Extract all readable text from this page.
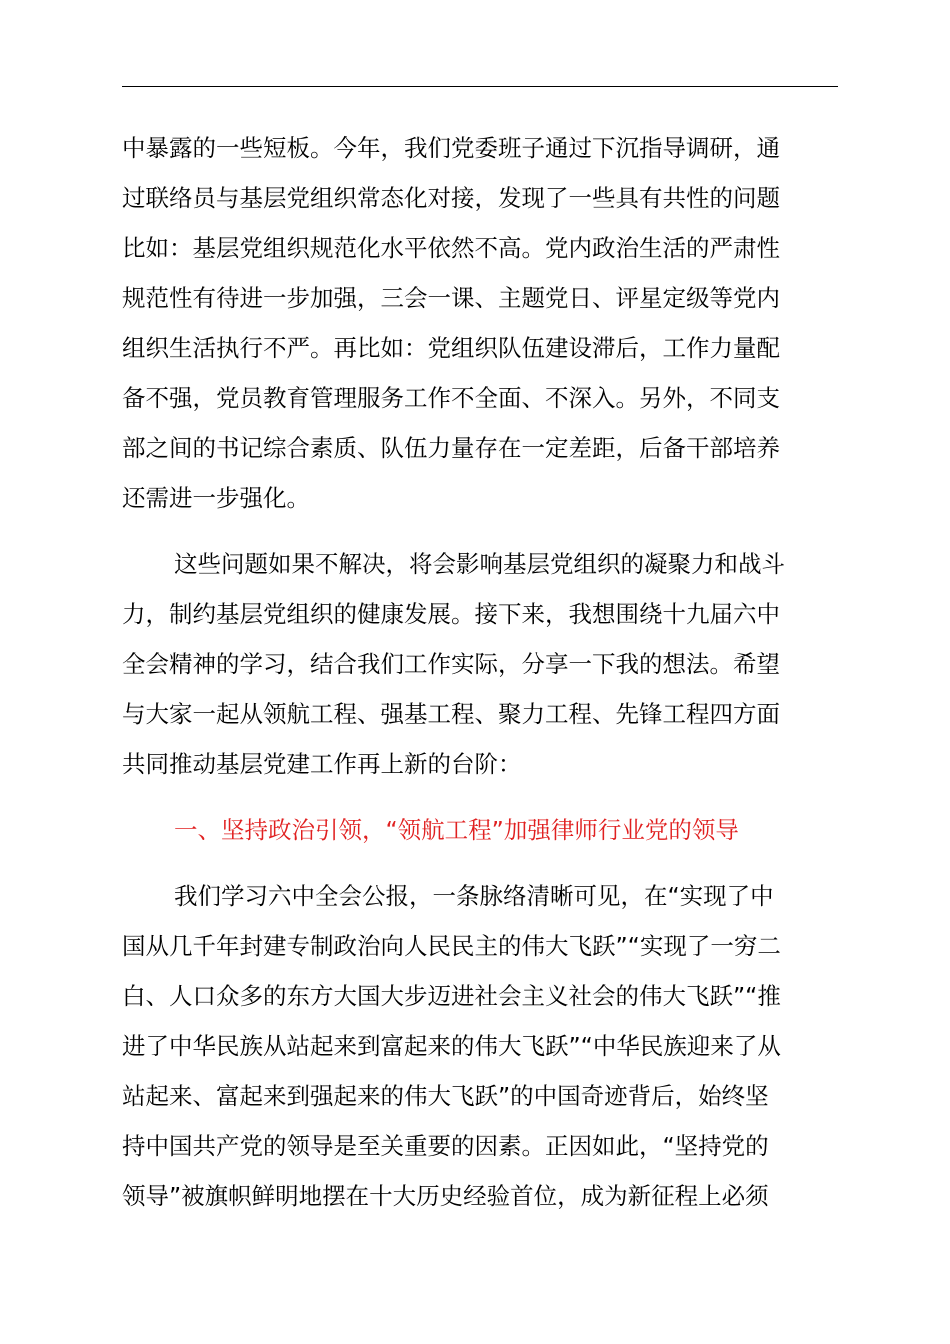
中暴露的一些短板。今年，我们党委班子通过下沉指导调研，通
过联络员与基层党组织常态化对接，发现了一些具有共性的问题
比如：基层党组织规范化水平依然不高。党内政治生活的严肃性
规范性有待进一步加强，三会一课、主题党日、评星定级等党内
组织生活执行不严。再比如：党组织队伍建设滞后，工作力量配
备不强，党员教育管理服务工作不全面、不深入。另外，不同支
部之间的书记综合素质、队伍力量存在一定差距，后备干部培养
还需进一步强化。
这些问题如果不解决，将会影响基层党组织的凝聚力和战斗
力，制约基层党组织的健康发展。接下来，我想围绕十九届六中
全会精神的学习，结合我们工作实际，分享一下我的想法。希望
与大家一起从领航工程、强基工程、聚力工程、先锋工程四方面
共同推动基层党建工作再上新的台阶：
一、坚持政治引领，“领航工程”加强律师行业党的领导
我们学习六中全会公报，一条脉络清晰可见，在“实现了中
国从几千年封建专制政治向人民民主的伟大飞跃”“实现了一穷二
白、人口众多的东方大国大步迈进社会主义社会的伟大飞跃”“推
进了中华民族从站起来到富起来的伟大飞跃”“中华民族迎来了从
站起来、富起来到强起来的伟大飞跃”的中国奇迹背后，始终坚
持中国共产党的领导是至关重要的因素。正因如此，“坚持党的
领导”被旗帜鲜明地摆在十大历史经验首位，成为新征程上必须
